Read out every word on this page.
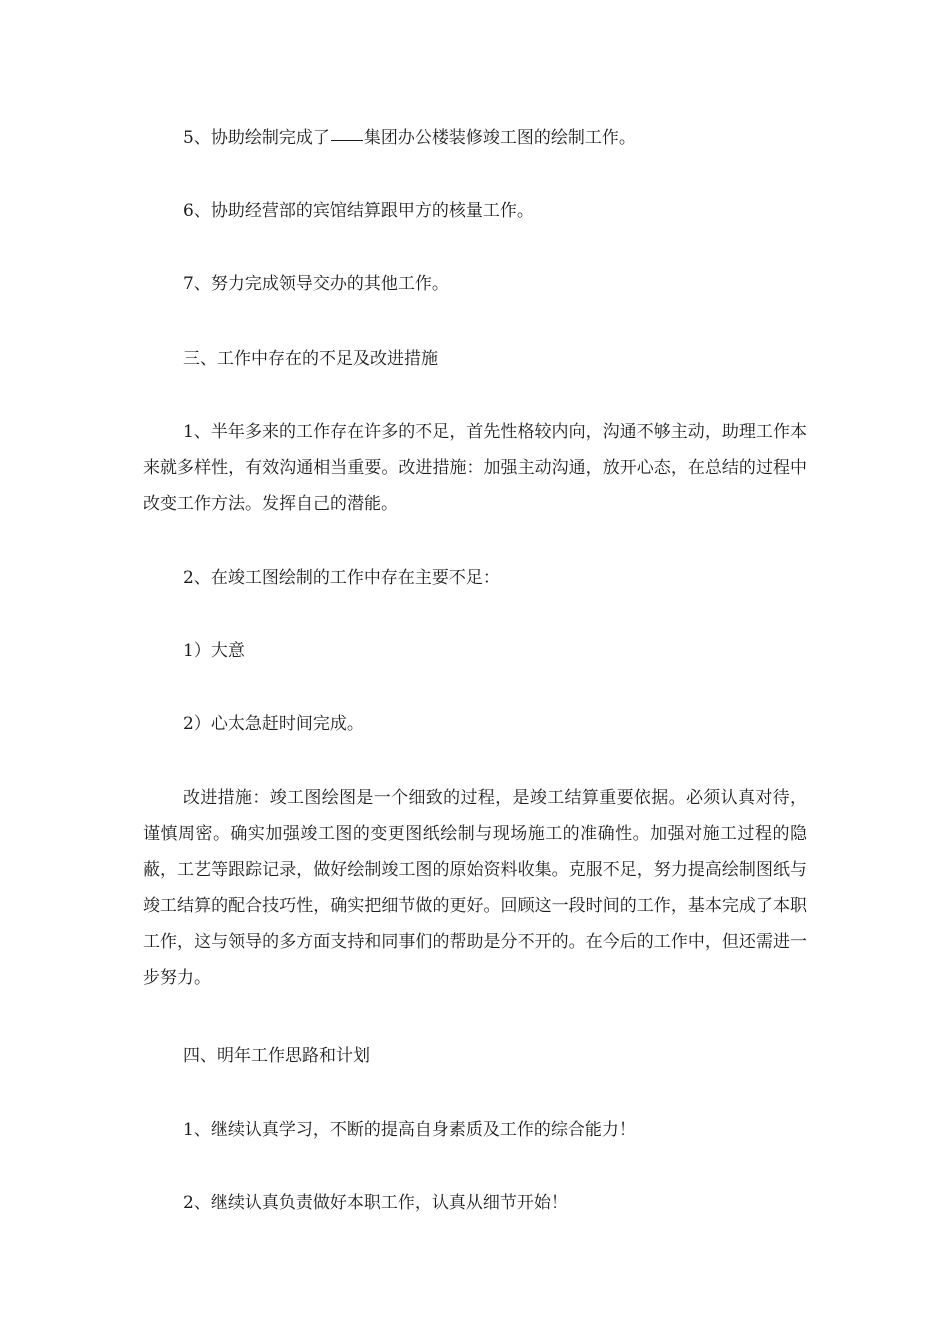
5、协助绘制完成了 集团办公楼装修竣工图的绘制工作。

6、协助经营部的宾馆结算跟甲方的核量工作。

7、努力完成领导交办的其他工作。

三、工作中存在的不足及改进措施

1、半年多来的工作存在许多的不足，首先性格较内向，沟通不够主动，助理工作本来就多样性，有效沟通相当重要。改进措施：加强主动沟通，放开心态，在总结的过程中改变工作方法。发挥自己的潜能。

2、在竣工图绘制的工作中存在主要不足：

1）大意

2）心太急赶时间完成。

改进措施：竣工图绘图是一个细致的过程，是竣工结算重要依据。必须认真对待，谨慎周密。确实加强竣工图的变更图纸绘制与现场施工的准确性。加强对施工过程的隐蔽，工艺等跟踪记录，做好绘制竣工图的原始资料收集。克服不足，努力提高绘制图纸与竣工结算的配合技巧性，确实把细节做的更好。回顾这一段时间的工作，基本完成了本职工作，这与领导的多方面支持和同事们的帮助是分不开的。在今后的工作中，但还需进一步努力。

四、明年工作思路和计划

1、继续认真学习，不断的提高自身素质及工作的综合能力！

2、继续认真负责做好本职工作，认真从细节开始！
